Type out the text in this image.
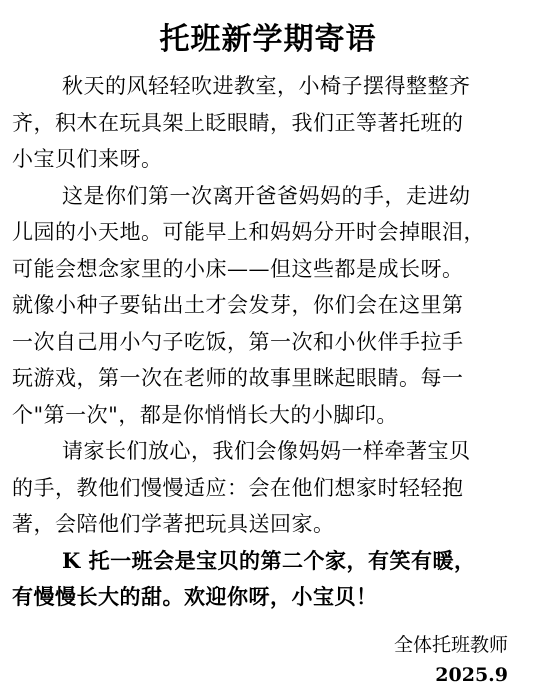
托班新学期寄语
秋天的风轻轻吹进教室，小椅子摆得整整齐
齐，积木在玩具架上眨眼睛，我们正等著托班的
小宝贝们来呀。
这是你们第一次离开爸爸妈妈的手，走进幼
儿园的小天地。可能早上和妈妈分开时会掉眼泪，
可能会想念家里的小床——但这些都是成长呀。
就像小种子要钻出土才会发芽，你们会在这里第
一次自己用小勺子吃饭，第一次和小伙伴手拉手
玩游戏，第一次在老师的故事里眯起眼睛。每一
个"第一次"，都是你悄悄长大的小脚印。
请家长们放心，我们会像妈妈一样牵著宝贝
的手，教他们慢慢适应：会在他们想家时轻轻抱
著，会陪他们学著把玩具送回家。
K 托一班会是宝贝的第二个家，有笑有暖，
有慢慢长大的甜。欢迎你呀，小宝贝！
全体托班教师
2025.9
